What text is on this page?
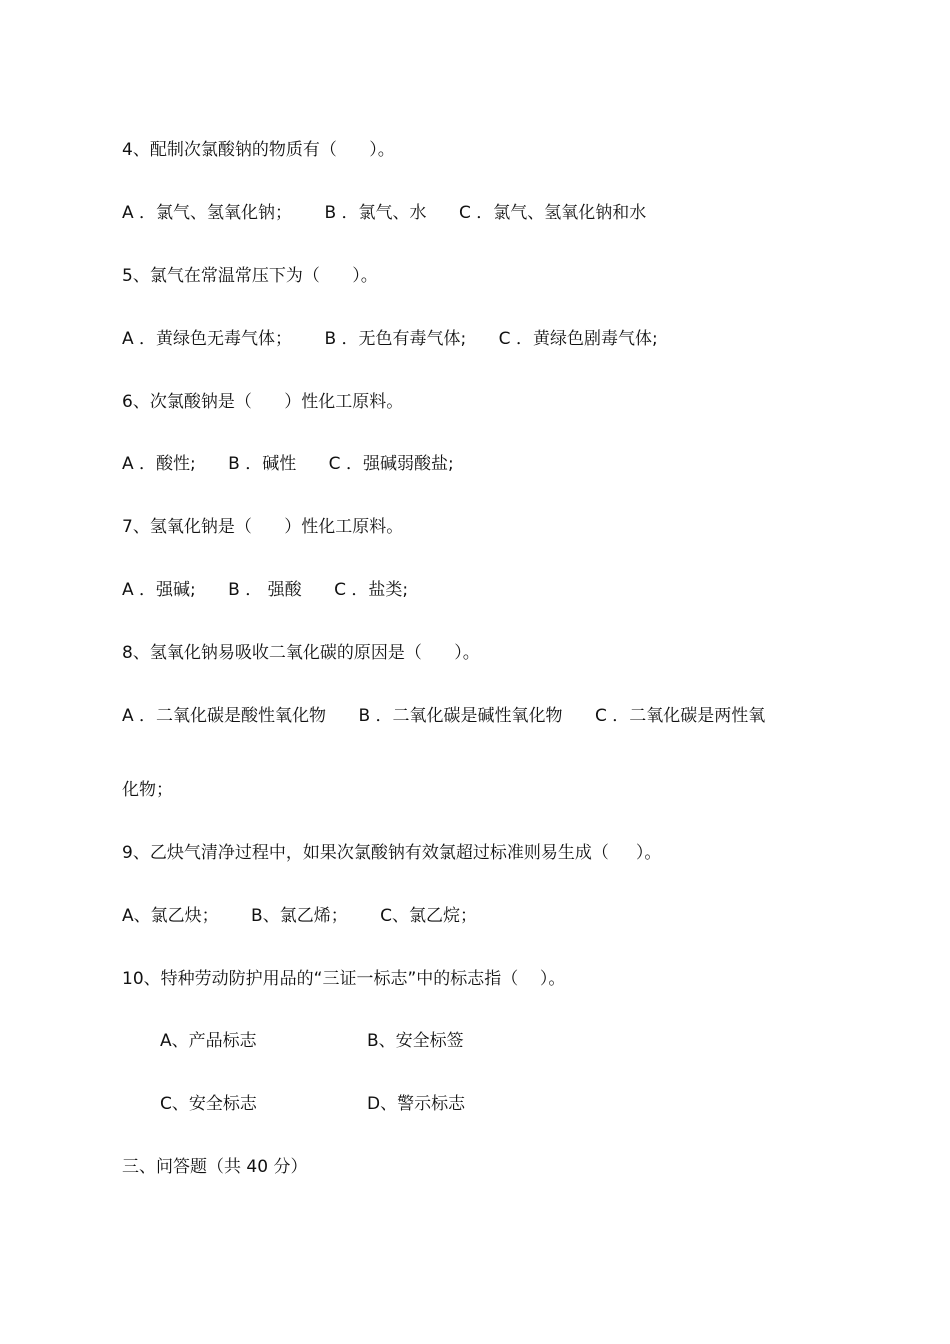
4、配制次氯酸钠的物质有（      ）。
A ．氯气、氢氧化钠；      B ．氯气、水      C ．氯气、氢氧化钠和水
5、氯气在常温常压下为（      ）。
A ．黄绿色无毒气体；      B ．无色有毒气体;      C ．黄绿色剧毒气体;
6、次氯酸钠是（      ）性化工原料。
A ．酸性;      B ．碱性      C ．强碱弱酸盐;
7、氢氧化钠是（      ）性化工原料。
A ．强碱;      B ． 强酸      C ．盐类;
8、氢氧化钠易吸收二氧化碳的原因是（      ）。
A ．二氧化碳是酸性氧化物      B ．二氧化碳是碱性氧化物      C ．二氧化碳是两性氧
化物；
9、乙炔气清净过程中，如果次氯酸钠有效氯超过标准则易生成（     ）。
A、氯乙炔；      B、氯乙烯；      C、氯乙烷；
10、特种劳动防护用品的“三证一标志”中的标志指（    ）。
A、产品标志	B、安全标签
C、安全标志	D、警示标志
三、问答题（共 40 分）
